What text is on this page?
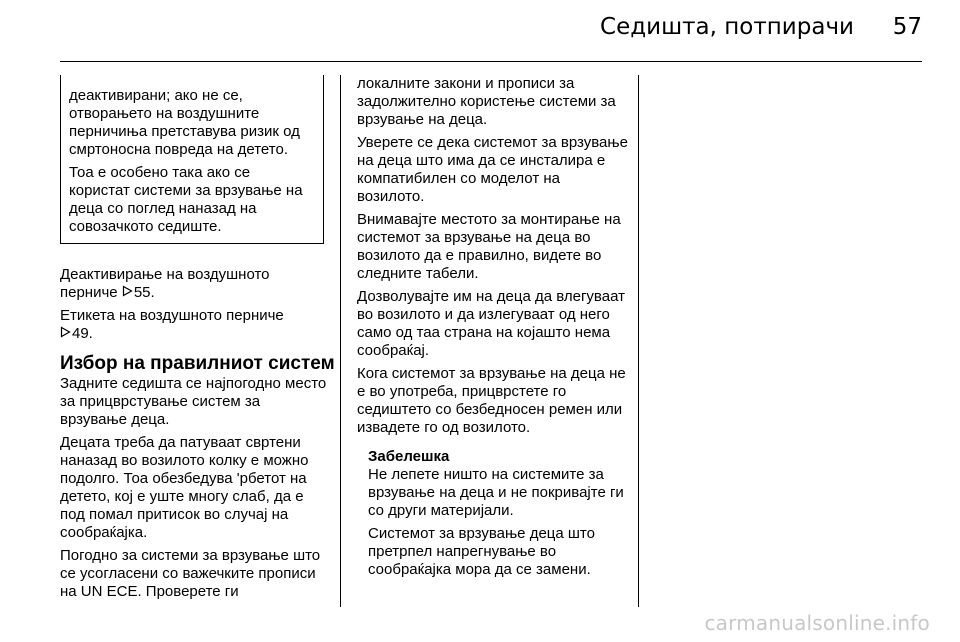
Седишта, потпирачи 57

деактивирани; ако не се, отворањето на воздушните перничиња претставува ризик од смртоносна повреда на детето.

Тоа е особено така ако се користат системи за врзување на деца со поглед наназад на совозачкото седиште.

Деактивирање на воздушното перниче 55.

Етикета на воздушното перниче
49.

Избор на правилниот систем

Задните седишта се најпогодно место за прицврстување систем за врзување деца.

Децата треба да патуваат свртени наназад во возилото колку е можно подолго. Тоа обезбедува 'рбетот на детето, кој е уште многу слаб, да е под помал притисок во случај на сообраќајка.

Погодно за системи за врзување што се усогласени со важечките прописи на UN ECE. Проверете ги

локалните закони и прописи за задолжително користење системи за врзување на деца.

Уверете се дека системот за врзување на деца што има да се инсталира е компатибилен со моделот на возилото.

Внимавајте местото за монтирање на системот за врзување на деца во возилото да е правилно, видете во следните табели.

Дозволувајте им на деца да влегуваат во возилото и да излегуваат од него само од таа страна на којашто нема сообраќај.

Кога системот за врзување на деца не е во употреба, прицврстете го седиштето со безбедносен ремен или извадете го од возилото.

Забелешка

Не лепете ништо на системите за врзување на деца и не покривајте ги со други материјали.

Системот за врзување деца што претрпел напрегнување во сообраќајка мора да се замени.

carmanualsonline.info
